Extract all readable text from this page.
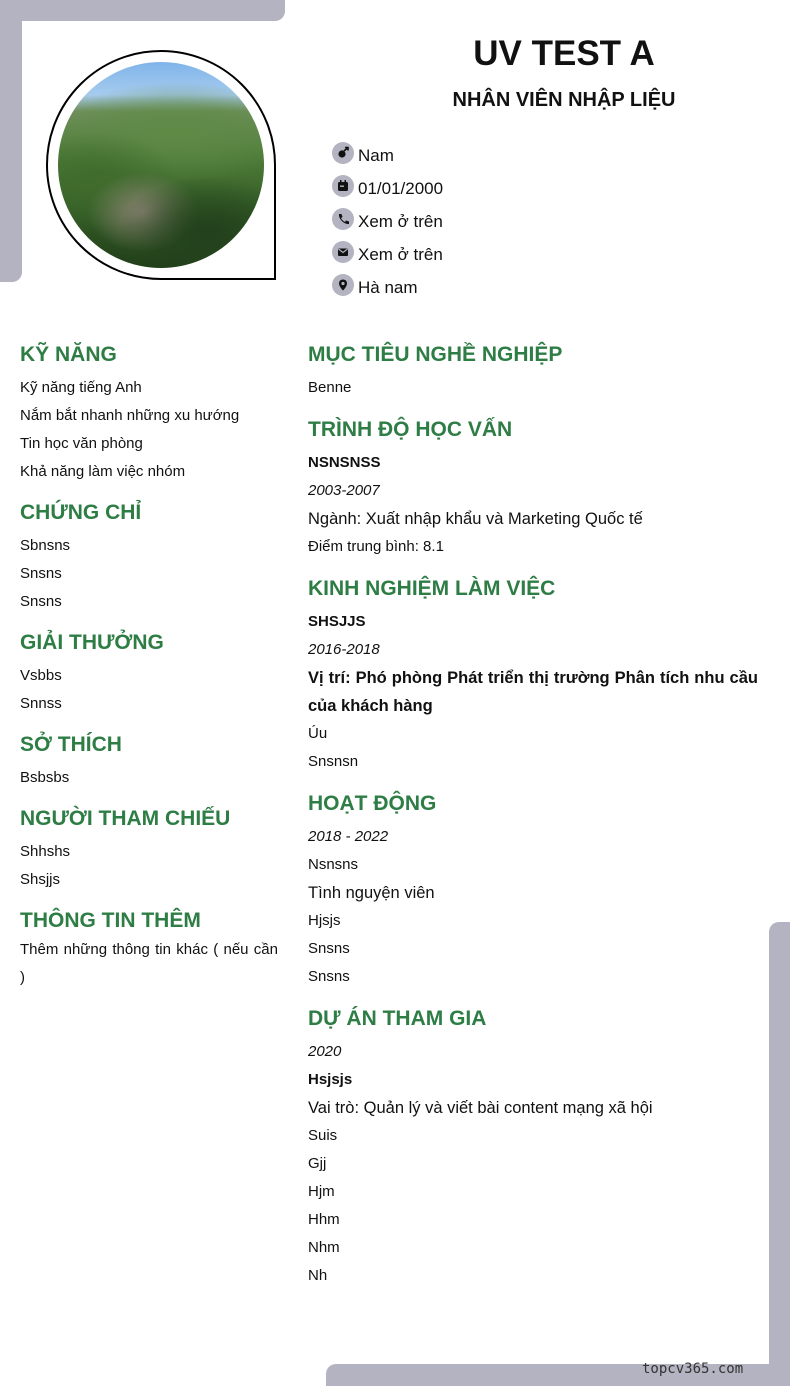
UV TEST A
NHÂN VIÊN NHẬP LIỆU
Nam
01/01/2000
Xem ở trên
Xem ở trên
Hà nam
KỸ NĂNG
Kỹ năng tiếng Anh
Nắm bắt nhanh những xu hướng
Tin học văn phòng
Khả năng làm việc nhóm
CHỨNG CHỈ
Sbnsns
Snsns
Snsns
GIẢI THƯỞNG
Vsbbs
Snnss
SỞ THÍCH
Bsbsbs
NGƯỜI THAM CHIẾU
Shhshs
Shsjjs
THÔNG TIN THÊM
Thêm những thông tin khác ( nếu cần )
MỤC TIÊU NGHỀ NGHIỆP
Benne
TRÌNH ĐỘ HỌC VẤN
NSNSNSS
2003-2007
Ngành: Xuất nhập khẩu và Marketing Quốc tế
Điểm trung bình: 8.1
KINH NGHIỆM LÀM VIỆC
SHSJJS
2016-2018
Vị trí: Phó phòng Phát triển thị trường Phân tích nhu cầu của khách hàng
Úu
Snsnsn
HOẠT ĐỘNG
2018 - 2022
Nsnsns
Tình nguyện viên
Hjsjs
Snsns
Snsns
DỰ ÁN THAM GIA
2020
Hsjsjs
Vai trò: Quản lý và viết bài content mạng xã hội
Suis
Gjj
Hjm
Hhm
Nhm
Nh
topcv365.com
